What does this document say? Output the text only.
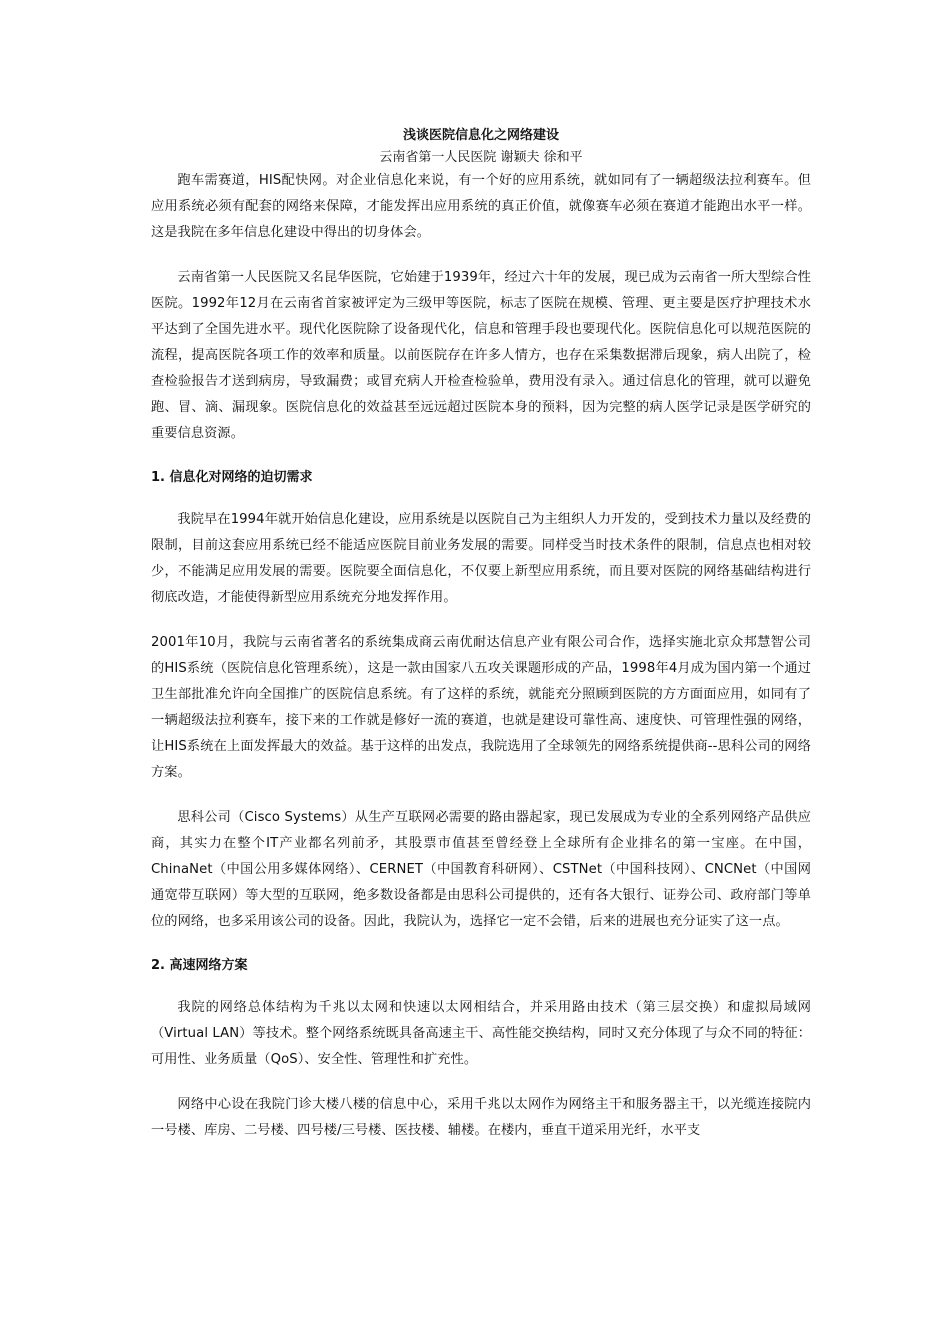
浅谈医院信息化之网络建设

云南省第一人民医院 谢颖夫 徐和平

跑车需赛道，HIS配快网。对企业信息化来说，有一个好的应用系统，就如同有了一辆超级法拉利赛车。但应用系统必须有配套的网络来保障，才能发挥出应用系统的真正价值，就像赛车必须在赛道才能跑出水平一样。这是我院在多年信息化建设中得出的切身体会。

云南省第一人民医院又名昆华医院，它始建于1939年，经过六十年的发展，现已成为云南省一所大型综合性医院。1992年12月在云南省首家被评定为三级甲等医院，标志了医院在规模、管理、更主要是医疗护理技术水平达到了全国先进水平。现代化医院除了设备现代化，信息和管理手段也要现代化。医院信息化可以规范医院的流程，提高医院各项工作的效率和质量。以前医院存在许多人情方，也存在采集数据滞后现象，病人出院了，检查检验报告才送到病房，导致漏费；或冒充病人开检查检验单，费用没有录入。通过信息化的管理，就可以避免跑、冒、滴、漏现象。医院信息化的效益甚至远远超过医院本身的预料，因为完整的病人医学记录是医学研究的重要信息资源。

1. 信息化对网络的迫切需求

我院早在1994年就开始信息化建设，应用系统是以医院自己为主组织人力开发的，受到技术力量以及经费的限制，目前这套应用系统已经不能适应医院目前业务发展的需要。同样受当时技术条件的限制，信息点也相对较少，不能满足应用发展的需要。医院要全面信息化，不仅要上新型应用系统，而且要对医院的网络基础结构进行彻底改造，才能使得新型应用系统充分地发挥作用。

2001年10月，我院与云南省著名的系统集成商云南优耐达信息产业有限公司合作，选择实施北京众邦慧智公司的HIS系统（医院信息化管理系统），这是一款由国家八五攻关课题形成的产品，1998年4月成为国内第一个通过卫生部批准允许向全国推广的医院信息系统。有了这样的系统，就能充分照顾到医院的方方面面应用，如同有了一辆超级法拉利赛车，接下来的工作就是修好一流的赛道，也就是建设可靠性高、速度快、可管理性强的网络，让HIS系统在上面发挥最大的效益。基于这样的出发点，我院选用了全球领先的网络系统提供商--思科公司的网络方案。

思科公司（Cisco Systems）从生产互联网必需要的路由器起家，现已发展成为专业的全系列网络产品供应商，其实力在整个IT产业都名列前矛，其股票市值甚至曾经登上全球所有企业排名的第一宝座。在中国，ChinaNet（中国公用多媒体网络）、CERNET（中国教育科研网）、CSTNet（中国科技网）、CNCNet（中国网通宽带互联网）等大型的互联网，绝多数设备都是由思科公司提供的，还有各大银行、证券公司、政府部门等单位的网络，也多采用该公司的设备。因此，我院认为，选择它一定不会错，后来的进展也充分证实了这一点。

2. 高速网络方案

我院的网络总体结构为千兆以太网和快速以太网相结合，并采用路由技术（第三层交换）和虚拟局域网（Virtual LAN）等技术。整个网络系统既具备高速主干、高性能交换结构，同时又充分体现了与众不同的特征：可用性、业务质量（QoS）、安全性、管理性和扩充性。

网络中心设在我院门诊大楼八楼的信息中心，采用千兆以太网作为网络主干和服务器主干，以光缆连接院内一号楼、库房、二号楼、四号楼/三号楼、医技楼、辅楼。在楼内，垂直干道采用光纤，水平支
